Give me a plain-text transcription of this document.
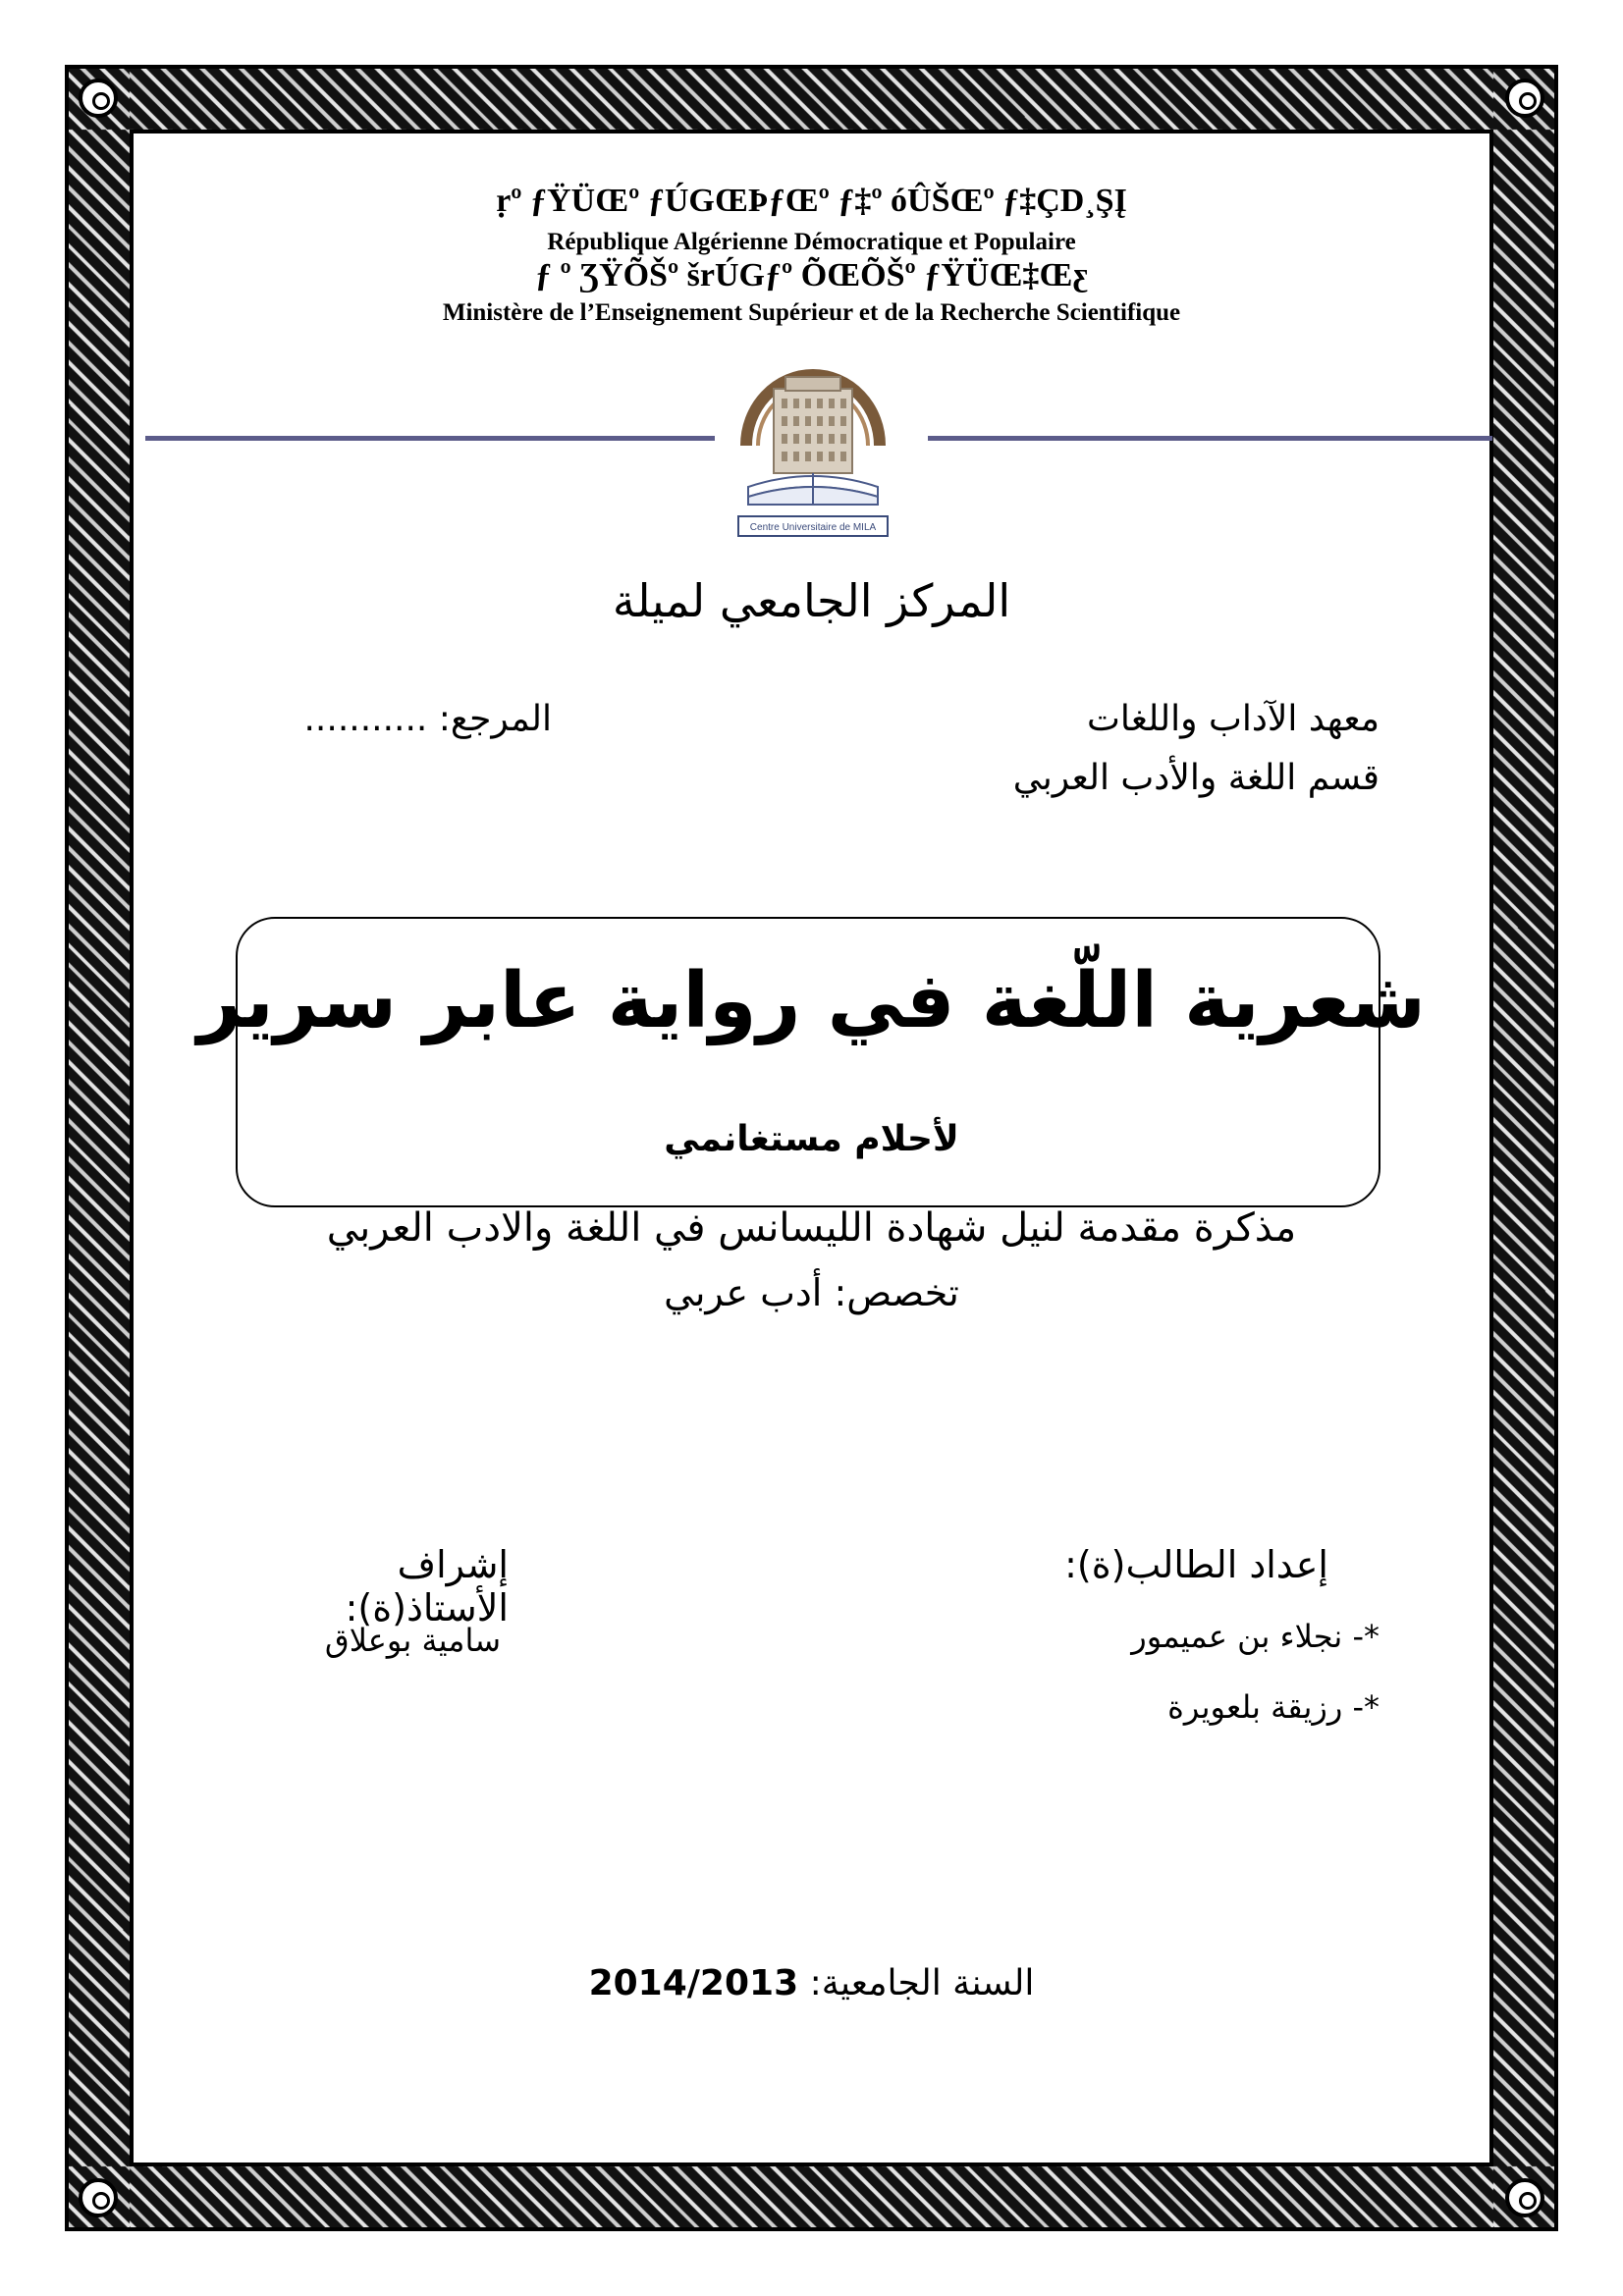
ṛº ƒŸÜŒº ƒÚGŒÞƒŒº ƒ‡º óÛŠŒº ƒ‡ÇD¸ŞĮ
République Algérienne Démocratique et Populaire
ƒ º ƷŸÕŠº šrÚGƒº ÕŒÕŠº ƒŸÜŒ‡Œƹ
Ministère de l’Enseignement Supérieur et de la Recherche Scientifique
Centre Universitaire de MILA
المركز الجامعي لميلة
معهد الآداب واللغات
قسم اللغة والأدب العربي
المرجع: ...........
شعرية اللّغة في رواية عابر سرير
لأحلام مستغانمي
مذكرة مقدمة لنيل شهادة الليسانس في اللغة والادب العربي
تخصص: أدب عربي
إعداد الطالب(ة):
إشراف الأستاذ(ة):
*- نجلاء بن عميمور
*- رزيقة بلعويرة
سامية بوعلاق
السنة الجامعية: 2014/2013
